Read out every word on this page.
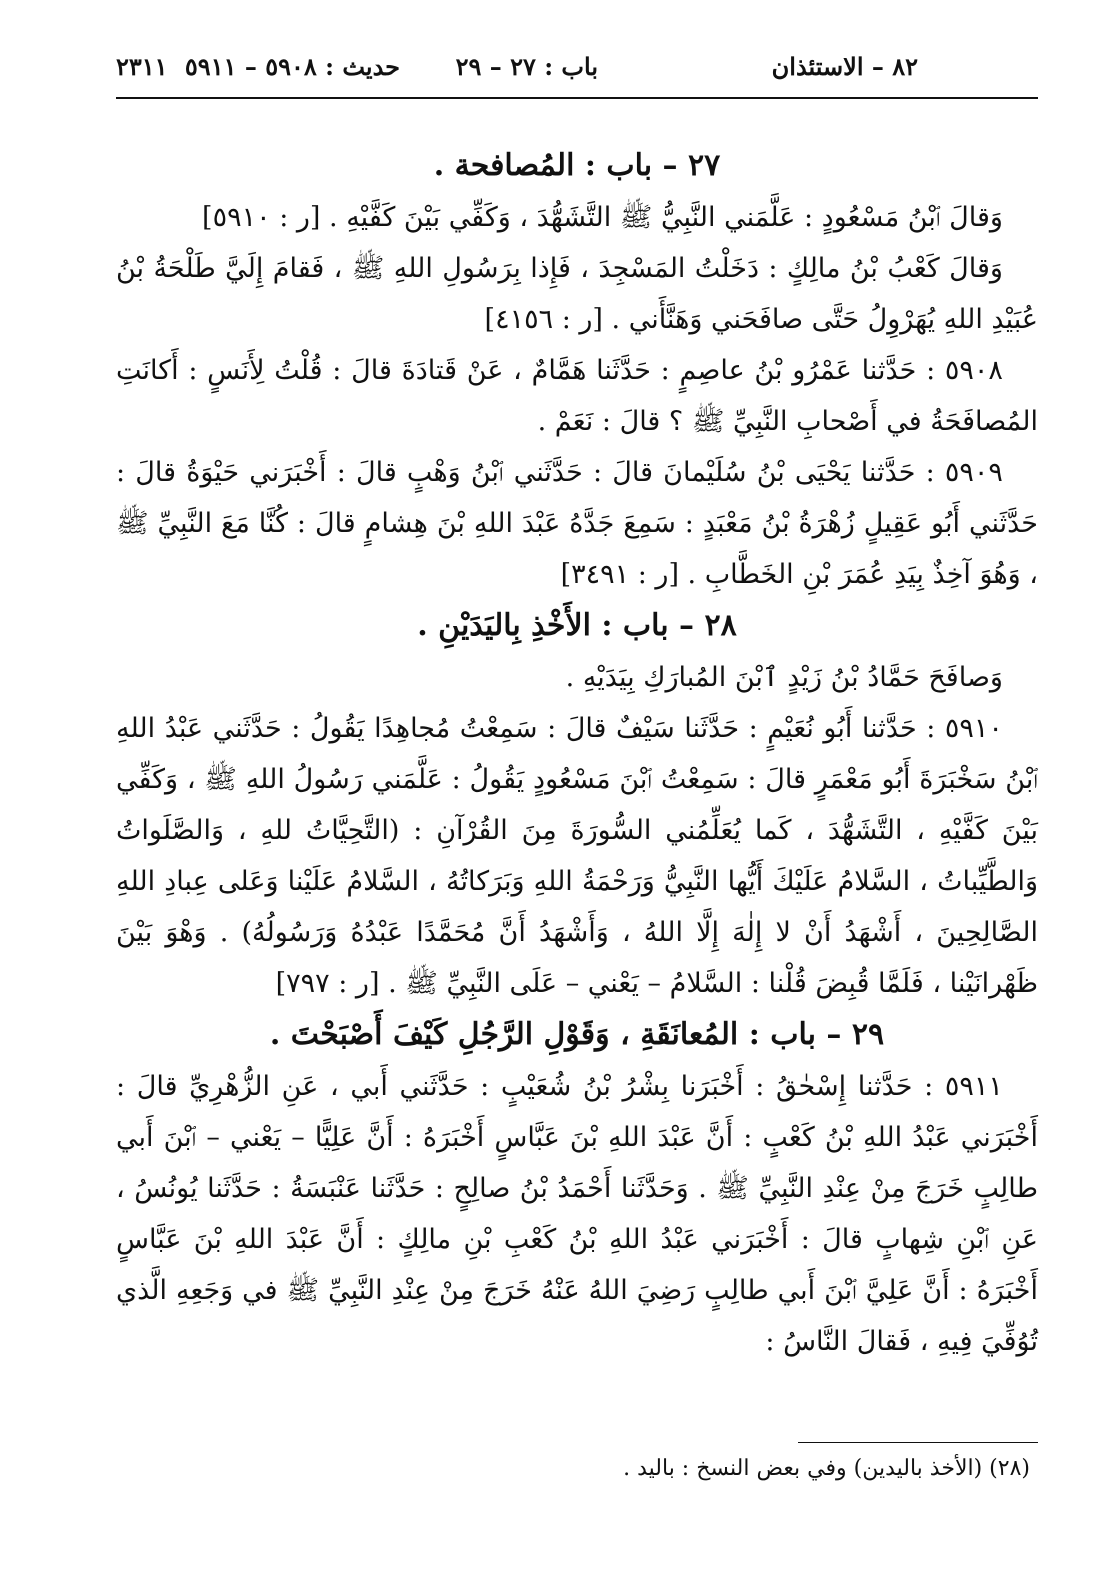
٨٢ – الاستئذان
باب : ٢٧ – ٢٩
حديث : ٥٩٠٨ – ٥٩١١
٢٣١١
٢٧ – باب : المُصافحة .

وَقالَ ٱبْنُ مَسْعُودٍ : عَلَّمَني النَّبِيُّ ﷺ التَّشَهُّدَ ، وَكَفِّي بَيْنَ كَفَّيْهِ . [ر : ٥٩١٠]

وَقالَ كَعْبُ بْنُ مالِكٍ : دَخَلْتُ المَسْجِدَ ، فَإِذا بِرَسُولِ اللهِ ﷺ ، فَقامَ إِلَيَّ طَلْحَةُ بْنُ عُبَيْدِ اللهِ يُهَرْوِلُ حَتَّى صافَحَني وَهَنَّأَني . [ر : ٤١٥٦]

٥٩٠٨ : حَدَّثنا عَمْرُو بْنُ عاصِمٍ : حَدَّثَنا هَمَّامٌ ، عَنْ قَتادَةَ قالَ : قُلْتُ لِأَنَسٍ : أَكانَتِ المُصافَحَةُ في أَصْحابِ النَّبِيِّ ﷺ ؟ قالَ : نَعَمْ .

٥٩٠٩ : حَدَّثنا يَحْيَى بْنُ سُلَيْمانَ قالَ : حَدَّثَني ٱبْنُ وَهْبٍ قالَ : أَخْبَرَني حَيْوَةُ قالَ : حَدَّثَني أَبُو عَقِيلٍ زُهْرَةُ بْنُ مَعْبَدٍ : سَمِعَ جَدَّهُ عَبْدَ اللهِ بْنَ هِشامٍ قالَ : كُنَّا مَعَ النَّبِيِّ ﷺ ، وَهُوَ آخِذٌ بِيَدِ عُمَرَ بْنِ الخَطَّابِ . [ر : ٣٤٩١]

٢٨ – باب : الأَخْذِ بِاليَدَيْنِ .

وَصافَحَ حَمَّادُ بْنُ زَيْدٍ ٱبْنَ المُبارَكِ بِيَدَيْهِ .

٥٩١٠ : حَدَّثنا أَبُو نُعَيْمٍ : حَدَّثَنا سَيْفٌ قالَ : سَمِعْتُ مُجاهِدًا يَقُولُ : حَدَّثَني عَبْدُ اللهِ ٱبْنُ سَخْبَرَةَ أَبُو مَعْمَرٍ قالَ : سَمِعْتُ ٱبْنَ مَسْعُودٍ يَقُولُ : عَلَّمَني رَسُولُ اللهِ ﷺ ، وَكَفِّي بَيْنَ كَفَّيْهِ ، التَّشَهُّدَ ، كَما يُعَلِّمُني السُّورَةَ مِنَ القُرْآنِ : (التَّحِيَّاتُ للهِ ، وَالصَّلَواتُ وَالطَّيِّباتُ ، السَّلامُ عَلَيْكَ أَيُّها النَّبِيُّ وَرَحْمَةُ اللهِ وَبَرَكاتُهُ ، السَّلامُ عَلَيْنا وَعَلى عِبادِ اللهِ الصَّالِحِينَ ، أَشْهَدُ أَنْ لا إِلٰهَ إِلَّا اللهُ ، وَأَشْهَدُ أَنَّ مُحَمَّدًا عَبْدُهُ وَرَسُولُهُ) . وَهْوَ بَيْنَ ظَهْرانَيْنا ، فَلَمَّا قُبِضَ قُلْنا : السَّلامُ – يَعْني – عَلَى النَّبِيِّ ﷺ . [ر : ٧٩٧]

٢٩ – باب : المُعانَقَةِ ، وَقَوْلِ الرَّجُلِ كَيْفَ أَصْبَحْتَ .

٥٩١١ : حَدَّثنا إِسْحٰقُ : أَخْبَرَنا بِشْرُ بْنُ شُعَيْبٍ : حَدَّثَني أَبي ، عَنِ الزُّهْرِيِّ قالَ : أَخْبَرَني عَبْدُ اللهِ بْنُ كَعْبٍ : أَنَّ عَبْدَ اللهِ بْنَ عَبَّاسٍ أَخْبَرَهُ : أَنَّ عَلِيًّا – يَعْني – ٱبْنَ أَبي طالِبٍ خَرَجَ مِنْ عِنْدِ النَّبِيِّ ﷺ . وَحَدَّثَنا أَحْمَدُ بْنُ صالِحٍ : حَدَّثَنا عَنْبَسَةُ : حَدَّثَنا يُونُسُ ، عَنِ ٱبْنِ شِهابٍ قالَ : أَخْبَرَني عَبْدُ اللهِ بْنُ كَعْبِ بْنِ مالِكٍ : أَنَّ عَبْدَ اللهِ بْنَ عَبَّاسٍ أَخْبَرَهُ : أَنَّ عَلِيَّ ٱبْنَ أَبي طالِبٍ رَضِيَ اللهُ عَنْهُ خَرَجَ مِنْ عِنْدِ النَّبِيِّ ﷺ في وَجَعِهِ الَّذي تُوُفِّيَ فِيهِ ، فَقالَ النَّاسُ :

(٢٨) (الأخذ باليدين) وفي بعض النسخ : باليد .
